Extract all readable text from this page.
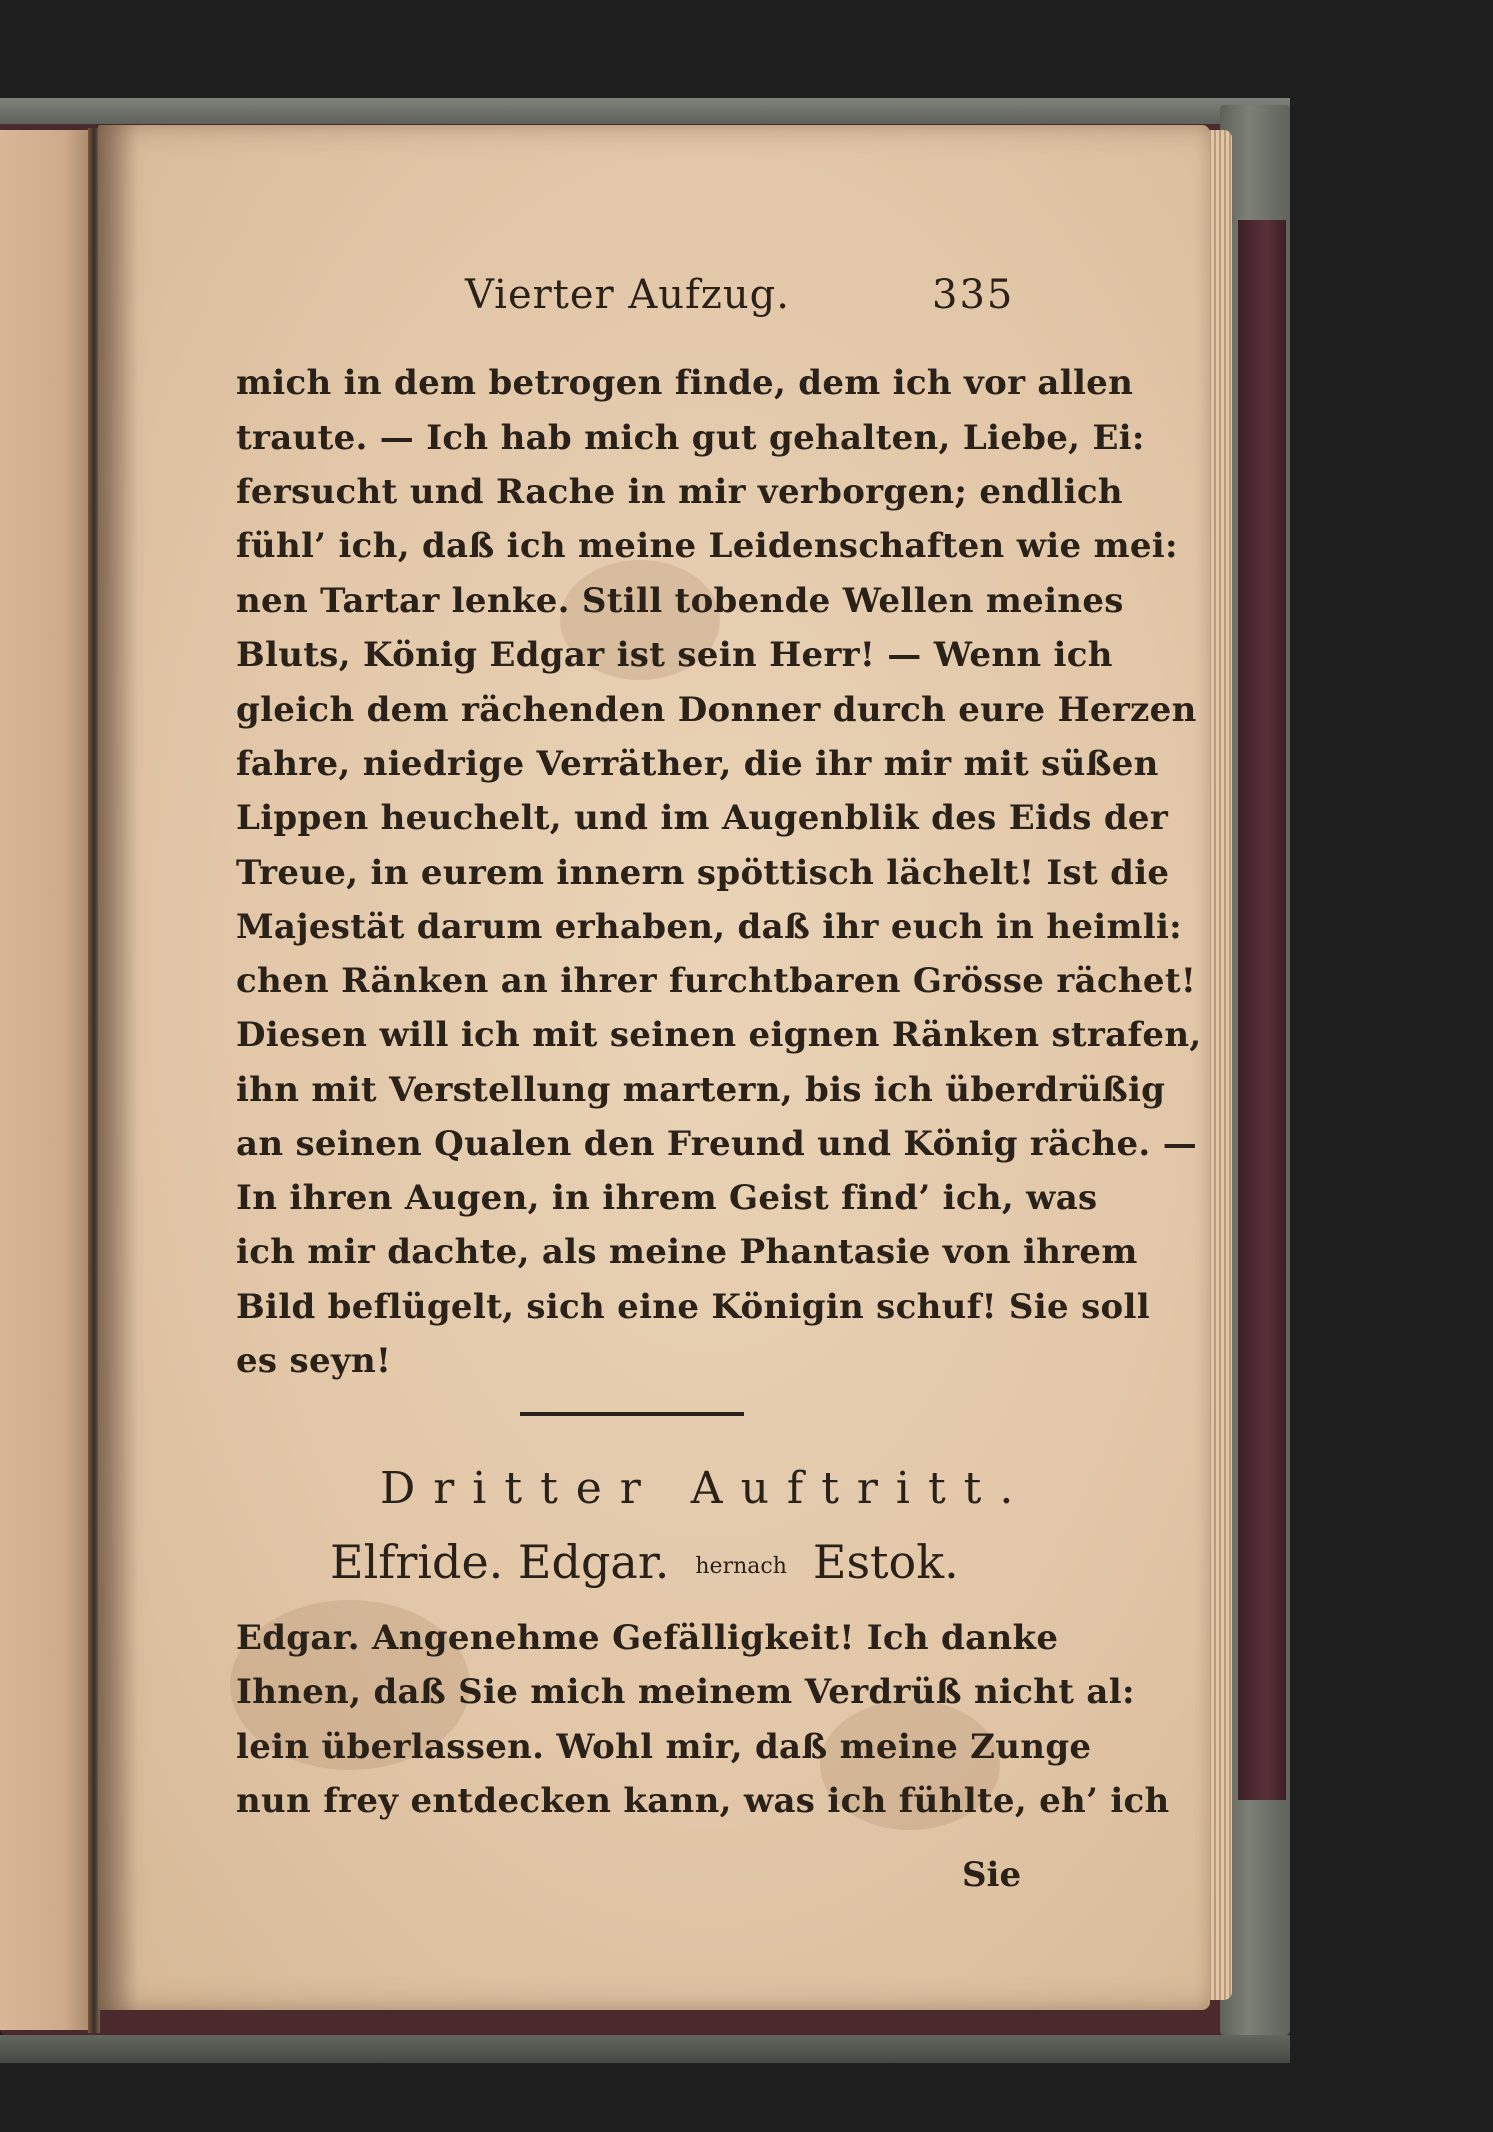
Vierter Aufzug.	335
mich in dem betrogen finde, dem ich vor allen
traute. — Ich hab mich gut gehalten, Liebe, Ei:
fersucht und Rache in mir verborgen; endlich
fühl’ ich, daß ich meine Leidenschaften wie mei:
nen Tartar lenke. Still tobende Wellen meines
Bluts, König Edgar ist sein Herr! — Wenn ich
gleich dem rächenden Donner durch eure Herzen
fahre, niedrige Verräther, die ihr mir mit süßen
Lippen heuchelt, und im Augenblik des Eids der
Treue, in eurem innern spöttisch lächelt! Ist die
Majestät darum erhaben, daß ihr euch in heimli:
chen Ränken an ihrer furchtbaren Grösse rächet!
Diesen will ich mit seinen eignen Ränken strafen,
ihn mit Verstellung martern, bis ich überdrüßig
an seinen Qualen den Freund und König räche. —
In ihren Augen, in ihrem Geist find’ ich, was
ich mir dachte, als meine Phantasie von ihrem
Bild beflügelt, sich eine Königin schuf! Sie soll
es seyn!
Dritter Auftritt.
Elfride. Edgar. hernach Estok.
Edgar. Angenehme Gefälligkeit! Ich danke
Ihnen, daß Sie mich meinem Verdrüß nicht al:
lein überlassen. Wohl mir, daß meine Zunge
nun frey entdecken kann, was ich fühlte, eh’ ich
Sie
